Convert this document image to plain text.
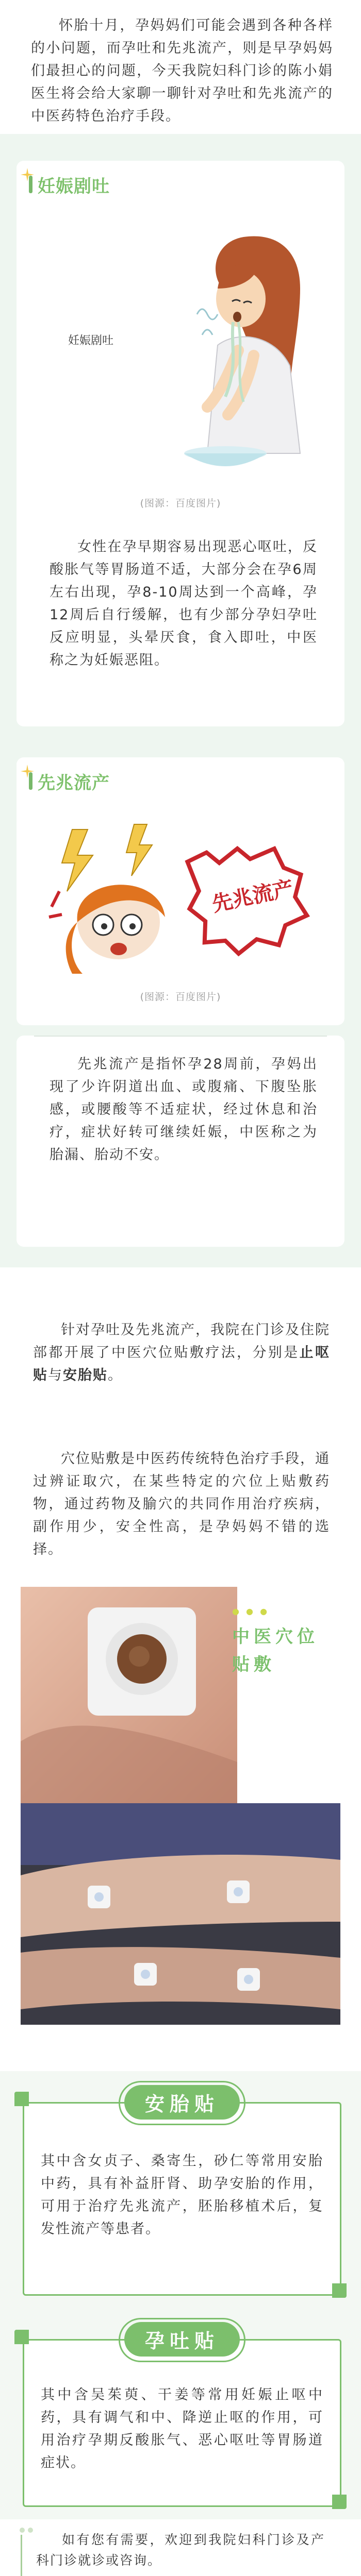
怀胎十月，孕妈妈们可能会遇到各种各样的小问题，而孕吐和先兆流产，则是早孕妈妈们最担心的问题，今天我院妇科门诊的陈小娟医生将会给大家聊一聊针对孕吐和先兆流产的中医药特色治疗手段。

妊娠剧吐
妊娠剧吐
(图源：百度图片)

女性在孕早期容易出现恶心呕吐，反酸胀气等胃肠道不适，大部分会在孕6周左右出现，孕8-10周达到一个高峰，孕12周后自行缓解，也有少部分孕妇孕吐反应明显，头晕厌食，食入即吐，中医称之为妊娠恶阻。

先兆流产
先兆流产
(图源：百度图片)

先兆流产是指怀孕28周前，孕妈出现了少许阴道出血、或腹痛、下腹坠胀感，或腰酸等不适症状，经过休息和治疗，症状好转可继续妊娠，中医称之为胎漏、胎动不安。

针对孕吐及先兆流产，我院在门诊及住院部都开展了中医穴位贴敷疗法，分别是止呕贴与安胎贴。

穴位贴敷是中医药传统特色治疗手段，通过辨证取穴，在某些特定的穴位上贴敷药物，通过药物及腧穴的共同作用治疗疾病，副作用少，安全性高，是孕妈妈不错的选择。

● ● ●
中医穴位贴敷
安胎贴

其中含女贞子、桑寄生，砂仁等常用安胎中药，具有补益肝肾、助孕安胎的作用，可用于治疗先兆流产，胚胎移植术后，复发性流产等患者。

孕吐贴

其中含吴茱萸、干姜等常用妊娠止呕中药，具有调气和中、降逆止呕的作用，可用治疗孕期反酸胀气、恶心呕吐等胃肠道症状。

如有您有需要，欢迎到我院妇科门诊及产科门诊就诊或咨询。
